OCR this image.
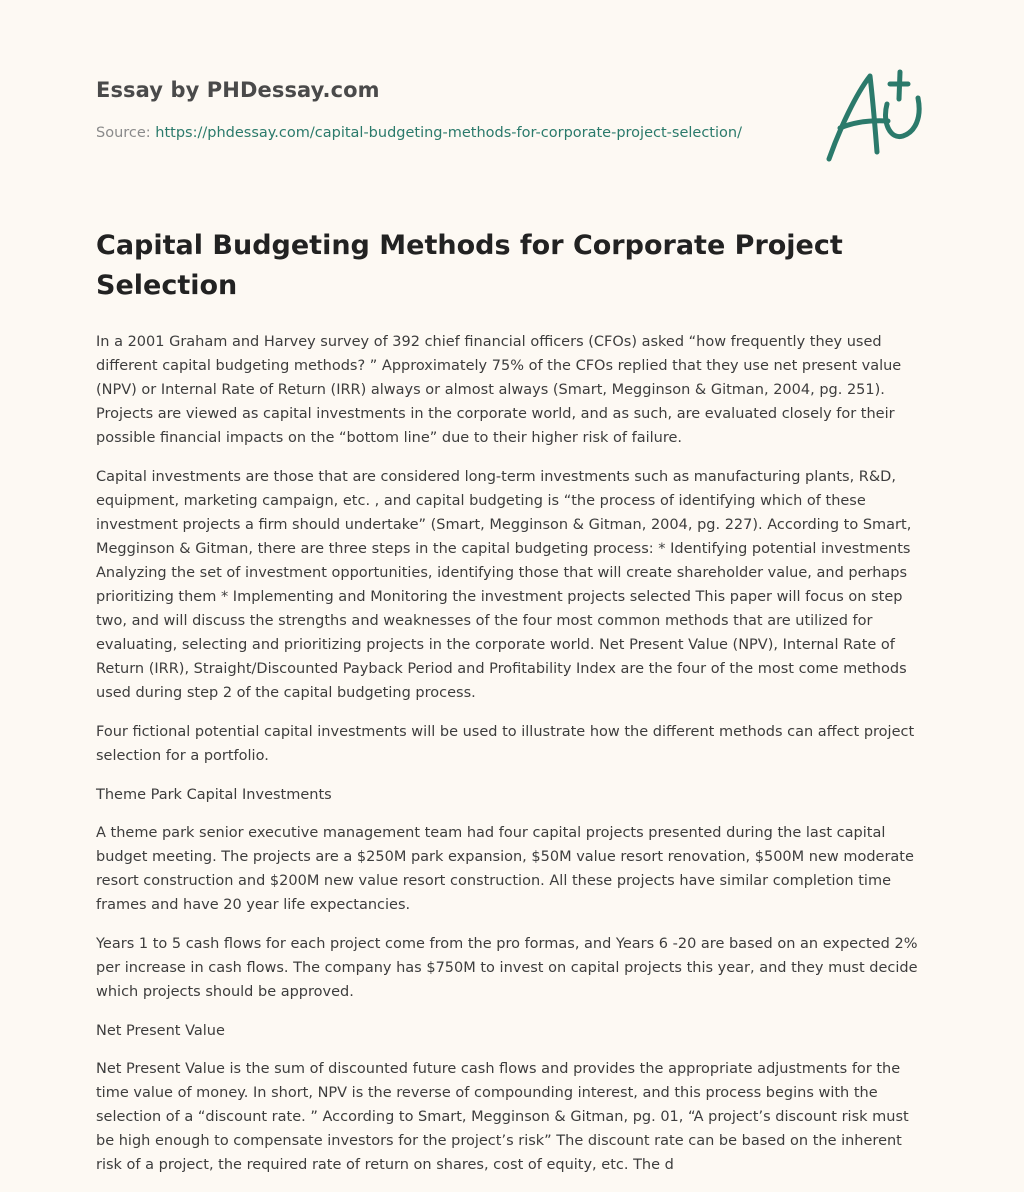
Essay by PHDessay.com
Source: https://phdessay.com/capital-budgeting-methods-for-corporate-project-selection/
Capital Budgeting Methods for Corporate Project Selection

In a 2001 Graham and Harvey survey of 392 chief financial officers (CFOs) asked “how frequently they used different capital budgeting methods? ” Approximately 75% of the CFOs replied that they use net present value (NPV) or Internal Rate of Return (IRR) always or almost always (Smart, Megginson & Gitman, 2004, pg. 251). Projects are viewed as capital investments in the corporate world, and as such, are evaluated closely for their possible financial impacts on the “bottom line” due to their higher risk of failure.

Capital investments are those that are considered long-term investments such as manufacturing plants, R&D, equipment, marketing campaign, etc. , and capital budgeting is “the process of identifying which of these investment projects a firm should undertake” (Smart, Megginson & Gitman, 2004, pg. 227). According to Smart, Megginson & Gitman, there are three steps in the capital budgeting process: * Identifying potential investments Analyzing the set of investment opportunities, identifying those that will create shareholder value, and perhaps prioritizing them * Implementing and Monitoring the investment projects selected This paper will focus on step two, and will discuss the strengths and weaknesses of the four most common methods that are utilized for evaluating, selecting and prioritizing projects in the corporate world. Net Present Value (NPV), Internal Rate of Return (IRR), Straight/Discounted Payback Period and Profitability Index are the four of the most come methods used during step 2 of the capital budgeting process.

Four fictional potential capital investments will be used to illustrate how the different methods can affect project selection for a portfolio.

Theme Park Capital Investments

A theme park senior executive management team had four capital projects presented during the last capital budget meeting. The projects are a $250M park expansion, $50M value resort renovation, $500M new moderate resort construction and $200M new value resort construction. All these projects have similar completion time frames and have 20 year life expectancies.

Years 1 to 5 cash flows for each project come from the pro formas, and Years 6 -20 are based on an expected 2% per increase in cash flows. The company has $750M to invest on capital projects this year, and they must decide which projects should be approved.

Net Present Value

Net Present Value is the sum of discounted future cash flows and provides the appropriate adjustments for the time value of money. In short, NPV is the reverse of compounding interest, and this process begins with the selection of a “discount rate. ” According to Smart, Megginson & Gitman, pg. 01, “A project’s discount risk must be high enough to compensate investors for the project’s risk” The discount rate can be based on the inherent risk of a project, the required rate of return on shares, cost of equity, etc. The d
